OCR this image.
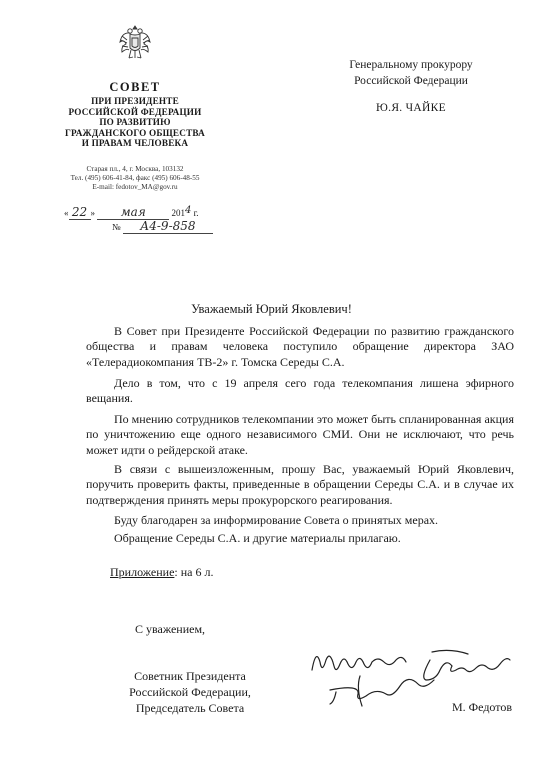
СОВЕТ
ПРИ ПРЕЗИДЕНТЕ
РОССИЙСКОЙ ФЕДЕРАЦИИ
ПО РАЗВИТИЮ
ГРАЖДАНСКОГО ОБЩЕСТВА
И ПРАВАМ ЧЕЛОВЕКА
Старая пл., 4, г. Москва, 103132
Тел. (495) 606-41-84, факс (495) 606-48-55
E-mail: fedotov_MA@gov.ru
« 22 » мая	2014 г.
№ А4-9-858
Генеральному прокурору
Российской Федерации
Ю.Я. ЧАЙКЕ
Уважаемый Юрий Яковлевич!
В Совет при Президенте Российской Федерации по развитию гражданского общества и правам человека поступило обращение директора ЗАО «Телерадиокомпания ТВ-2» г. Томска Середы С.А.
Дело в том, что с 19 апреля сего года телекомпания лишена эфирного вещания.
По мнению сотрудников телекомпании это может быть спланированная акция по уничтожению еще одного независимого СМИ. Они не исключают, что речь может идти о рейдерской атаке.
В связи с вышеизложенным, прошу Вас, уважаемый Юрий Яковлевич, поручить проверить факты, приведенные в обращении Середы С.А. и в случае их подтверждения принять меры прокурорского реагирования.
Буду благодарен за информирование Совета о принятых мерах.
Обращение Середы С.А. и другие материалы прилагаю.
Приложение: на 6 л.
С уважением,
Советник Президента
Российской Федерации,
Председатель Совета	М. Федотов
